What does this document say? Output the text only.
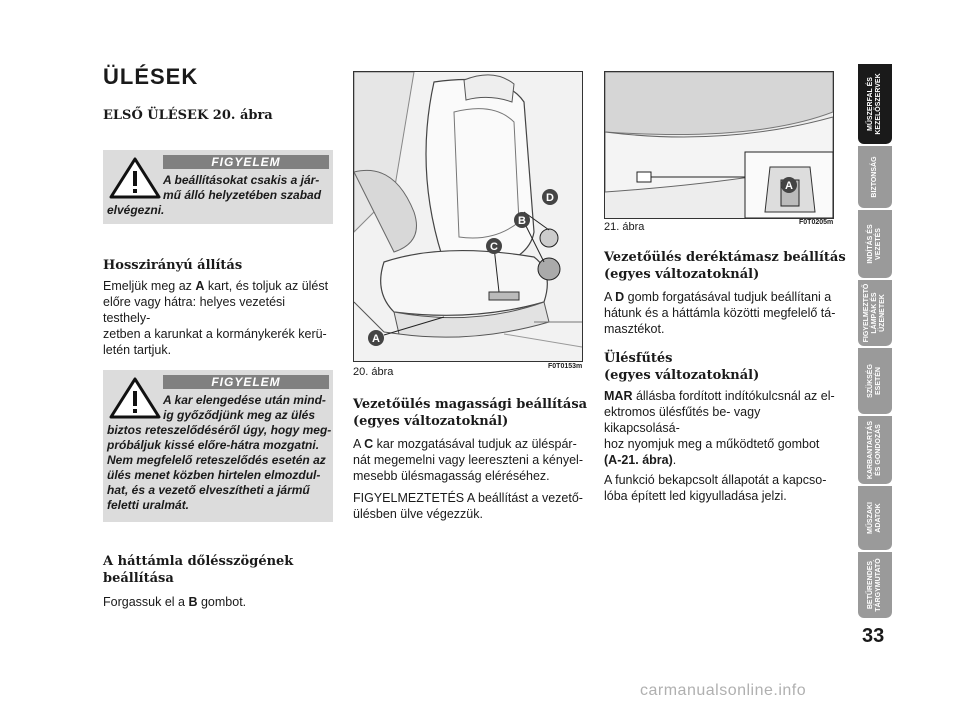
ÜLÉSEK
ELSŐ ÜLÉSEK 20. ábra
FIGYELEM
A beállításokat csakis a jár-
mű álló helyzetében szabad
elvégezni.
Hosszirányú állítás
Emeljük meg az A kart, és toljuk az ülést
előre vagy hátra: helyes vezetési testhely-
zetben a karunkat a kormánykerék kerü-
letén tartjuk.
FIGYELEM
A kar elengedése után mind-
ig győződjünk meg az ülés
biztos reteszelődéséről úgy, hogy meg-
próbáljuk kissé előre-hátra mozgatni.
Nem megfelelő reteszelődés esetén az
ülés menet közben hirtelen elmozdul-
hat, és a vezető elveszítheti a jármű
feletti uralmát.
A háttámla dőlésszögének
beállítása
Forgassuk el a B gombot.
D
B
C
A
20. ábra	F0T0153m
Vezetőülés magassági beállítása
(egyes változatoknál)
A C kar mozgatásával tudjuk az üléspár-
nát megemelni vagy leereszteni a kényel-
mesebb ülésmagasság eléréséhez.
FIGYELMEZTETÉS A beállítást a vezető-
ülésben ülve végezzük.
A
21. ábra	F0T0205m
Vezetőülés deréktámasz beállítás
(egyes változatoknál)
A D gomb forgatásával tudjuk beállítani a
hátunk és a háttámla közötti megfelelő tá-
masztékot.
Ülésfűtés
(egyes változatoknál)
MAR állásba fordított indítókulcsnál az el-
ektromos ülésfűtés be- vagy kikapcsolásá-
hoz nyomjuk meg a működtető gombot
(A-21. ábra).
A funkció bekapcsolt állapotát a kapcso-
lóba épített led kigyulladása jelzi.
MŰSZERFAL ÉS
KEZELŐSZERVEK
BIZTONSÁG
INDÍTÁS ÉS
VEZETÉS
FIGYELMEZTETŐ
LÁMPÁK ÉS
ÜZENETEK
SZÜKSÉG
ESETÉN
KARBANTARTÁS
ÉS GONDOZÁS
MŰSZAKI
ADATOK
BETŰRENDES
TÁRGYMUTATÓ
33
carmanualsonline.info
